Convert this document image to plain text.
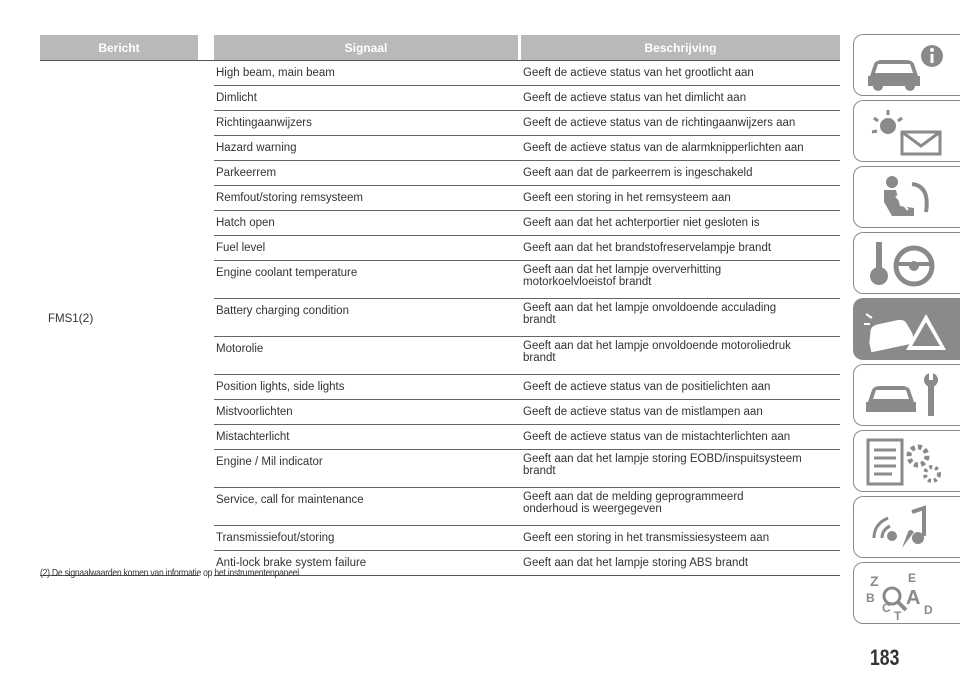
Bericht	Signaal	Beschrijving
FMS1(2)
High beam, main beam	Geeft de actieve status van het grootlicht aan
Dimlicht	Geeft de actieve status van het dimlicht aan
Richtingaanwijzers	Geeft de actieve status van de richtingaanwijzers aan
Hazard warning	Geeft de actieve status van de alarmknipperlichten aan
Parkeerrem	Geeft aan dat de parkeerrem is ingeschakeld
Remfout/storing remsysteem	Geeft een storing in het remsysteem aan
Hatch open	Geeft aan dat het achterportier niet gesloten is
Fuel level	Geeft aan dat het brandstofreservelampje brandt
Engine coolant temperature	Geeft aan dat het lampje oververhitting
motorkoelvloeistof brandt
Battery charging condition	Geeft aan dat het lampje onvoldoende acculading
brandt
Motorolie	Geeft aan dat het lampje onvoldoende motoroliedruk
brandt
Position lights, side lights	Geeft de actieve status van de positielichten aan
Mistvoorlichten	Geeft de actieve status van de mistlampen aan
Mistachterlicht	Geeft de actieve status van de mistachterlichten aan
Engine / Mil indicator	Geeft aan dat het lampje storing EOBD/inspuitsysteem
brandt
Service, call for maintenance	Geeft aan dat de melding geprogrammeerd
onderhoud is weergegeven
Transmissiefout/storing	Geeft een storing in het transmissiesysteem aan
Anti-lock brake system failure	Geeft aan dat het lampje storing ABS brandt
(2) De signaalwaarden komen van informatie op het instrumentenpaneel	Z E
B A
C	D
T
183
